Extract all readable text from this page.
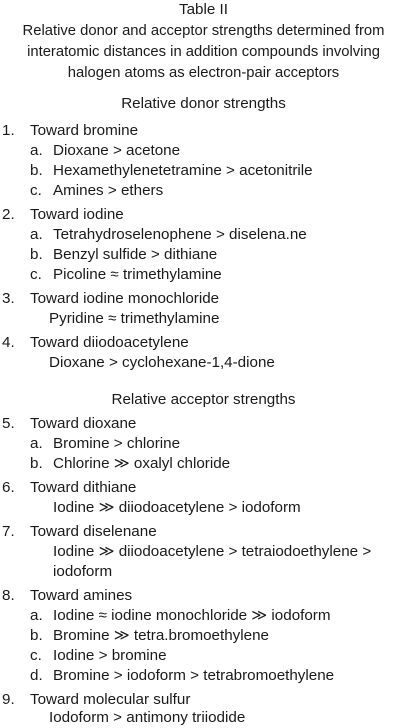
Table II
Relative donor and acceptor strengths determined from
interatomic distances in addition compounds involving
halogen atoms as electron-pair acceptors
Relative donor strengths
1. Toward bromine
a. Dioxane > acetone
b. Hexamethylenetetramine > acetonitrile
c. Amines > ethers
2. Toward iodine
a. Tetrahydroselenophene > diselena.ne
b. Benzyl sulfide > dithiane
c. Picoline ≈ trimethylamine
3. Toward iodine monochloride
Pyridine ≈ trimethylamine
4. Toward diiodoacetylene
Dioxane > cyclohexane-1,4-dione
Relative acceptor strengths
5. Toward dioxane
a. Bromine > chlorine
b. Chlorine ≫ oxalyl chloride
6. Toward dithiane
Iodine ≫ diiodoacetylene > iodoform
7. Toward diselenane
Iodine ≫ diiodoacetylene > tetraiodoethylene >
iodoform
8. Toward amines
a. Iodine ≈ iodine monochloride ≫ iodoform
b. Bromine ≫ tetra.bromoethylene
c. Iodine > bromine
d. Bromine > iodoform > tetrabromoethylene
9. Toward molecular sulfur
Iodoform > antimony triiodide
